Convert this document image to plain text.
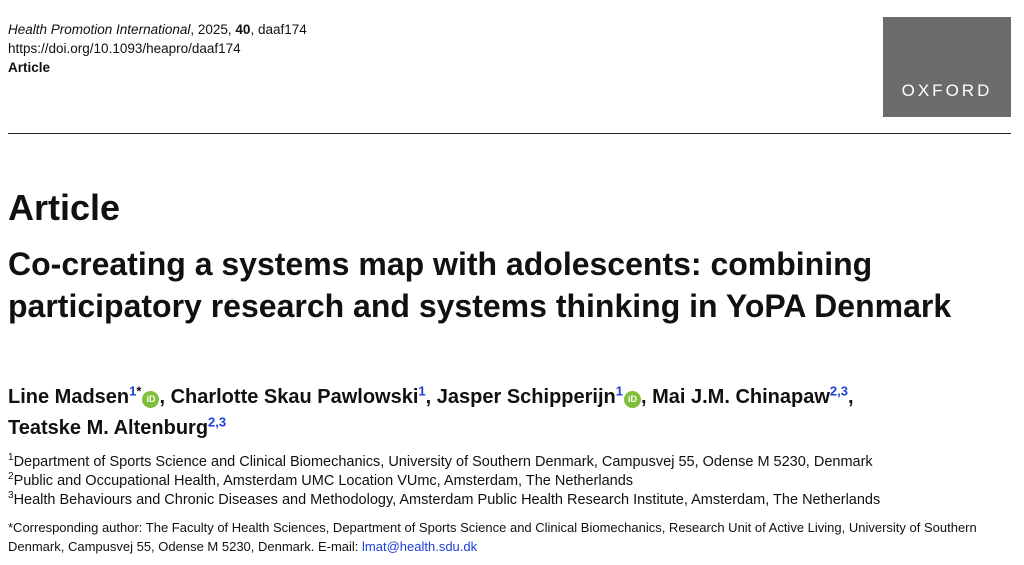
Health Promotion International, 2025, 40, daaf174
https://doi.org/10.1093/heapro/daaf174
Article
OXFORD
Article
Co-creating a systems map with adolescents: combining participatory research and systems thinking in YoPA Denmark
Line Madsen$^{1*}$iD , Charlotte Skau Pawlowski$^1$, Jasper Schipperijn$^1$iD , Mai J.M. Chinapaw$^{2,3}$,
Teatske M. Altenburg$^{2,3}$
$^1$Department of Sports Science and Clinical Biomechanics, University of Southern Denmark, Campusvej 55, Odense M 5230, Denmark
$^2$Public and Occupational Health, Amsterdam UMC Location VUmc, Amsterdam, The Netherlands
$^3$Health Behaviours and Chronic Diseases and Methodology, Amsterdam Public Health Research Institute, Amsterdam, The Netherlands
*Corresponding author: The Faculty of Health Sciences, Department of Sports Science and Clinical Biomechanics, Research Unit of Active Living, University of Southern Denmark, Campusvej 55, Odense M 5230, Denmark. E-mail: lmat@health.sdu.dk
